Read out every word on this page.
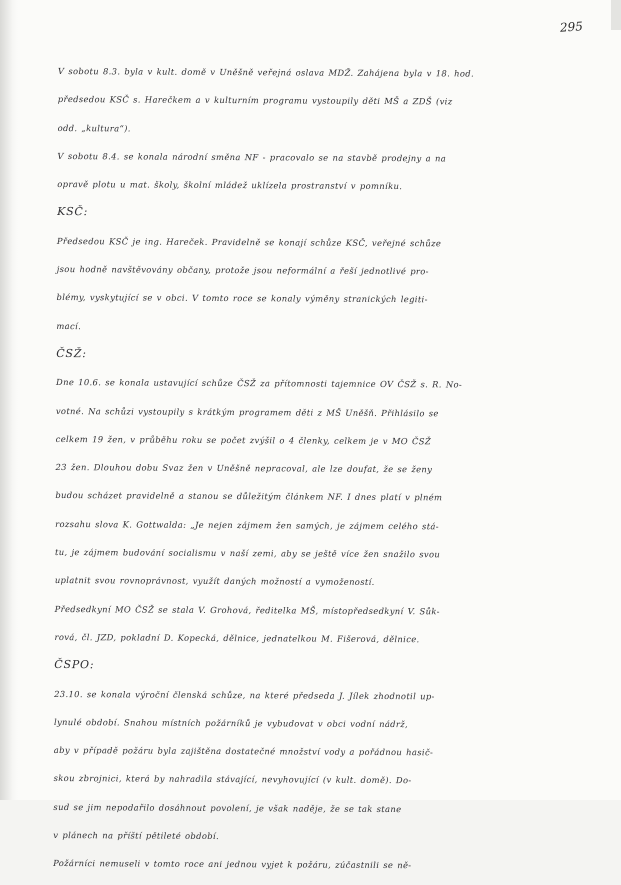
295
V sobotu 8.3. byla v kult. domě v Uněšně veřejná oslava MDŽ. Zahájena byla v 18. hod.
předsedou KSČ s. Harečkem a v kulturním programu vystoupily děti MŠ a ZDŠ (viz
odd. „kultura“).
V sobotu 8.4. se konala národní směna NF - pracovalo se na stavbě prodejny a na
opravě plotu u mat. školy, školní mládež uklízela prostranství v pomníku.
KSČ:
Předsedou KSČ je ing. Hareček. Pravidelně se konají schůze KSČ, veřejné schůze
jsou hodně navštěvovány občany, protože jsou neformální a řeší jednotlivé pro-
blémy, vyskytující se v obci. V tomto roce se konaly výměny stranických legiti-
mací.
ČSŽ:
Dne 10.6. se konala ustavující schůze ČSŽ za přítomnosti tajemnice OV ČSŽ s. R. No-
votné. Na schůzi vystoupily s krátkým programem děti z MŠ Uněšň. Přihlásilo se
celkem 19 žen, v průběhu roku se počet zvýšil o 4 členky, celkem je v MO ČSŽ
23 žen. Dlouhou dobu Svaz žen v Uněšně nepracoval, ale lze doufat, že se ženy
budou scházet pravidelně a stanou se důležitým článkem NF. I dnes platí v plném
rozsahu slova K. Gottwalda: „Je nejen zájmem žen samých, je zájmem celého stá-
tu, je zájmem budování socialismu v naší zemi, aby se ještě více žen snažilo svou
uplatnit svou rovnoprávnost, využít daných možností a vymožeností.
Předsedkyní MO ČSŽ se stala V. Grohová, ředitelka MŠ, místopředsedkyní V. Sůk-
rová, čl. JZD, pokladní D. Kopecká, dělnice, jednatelkou M. Fišerová, dělnice.
ČSPO:
23.10. se konala výroční členská schůze, na které předseda J. Jílek zhodnotil up-
lynulé období. Snahou místních požárníků je vybudovat v obci vodní nádrž,
aby v případě požáru byla zajištěna dostatečné množství vody a pořádnou hasič-
skou zbrojnici, která by nahradila stávající, nevyhovující (v kult. domě). Do-
sud se jim nepodařilo dosáhnout povolení, je však naděje, že se tak stane
v plánech na příští pětileté období.
Požárníci nemuseli v tomto roce ani jednou vyjet k požáru, zúčastnili se ně-
